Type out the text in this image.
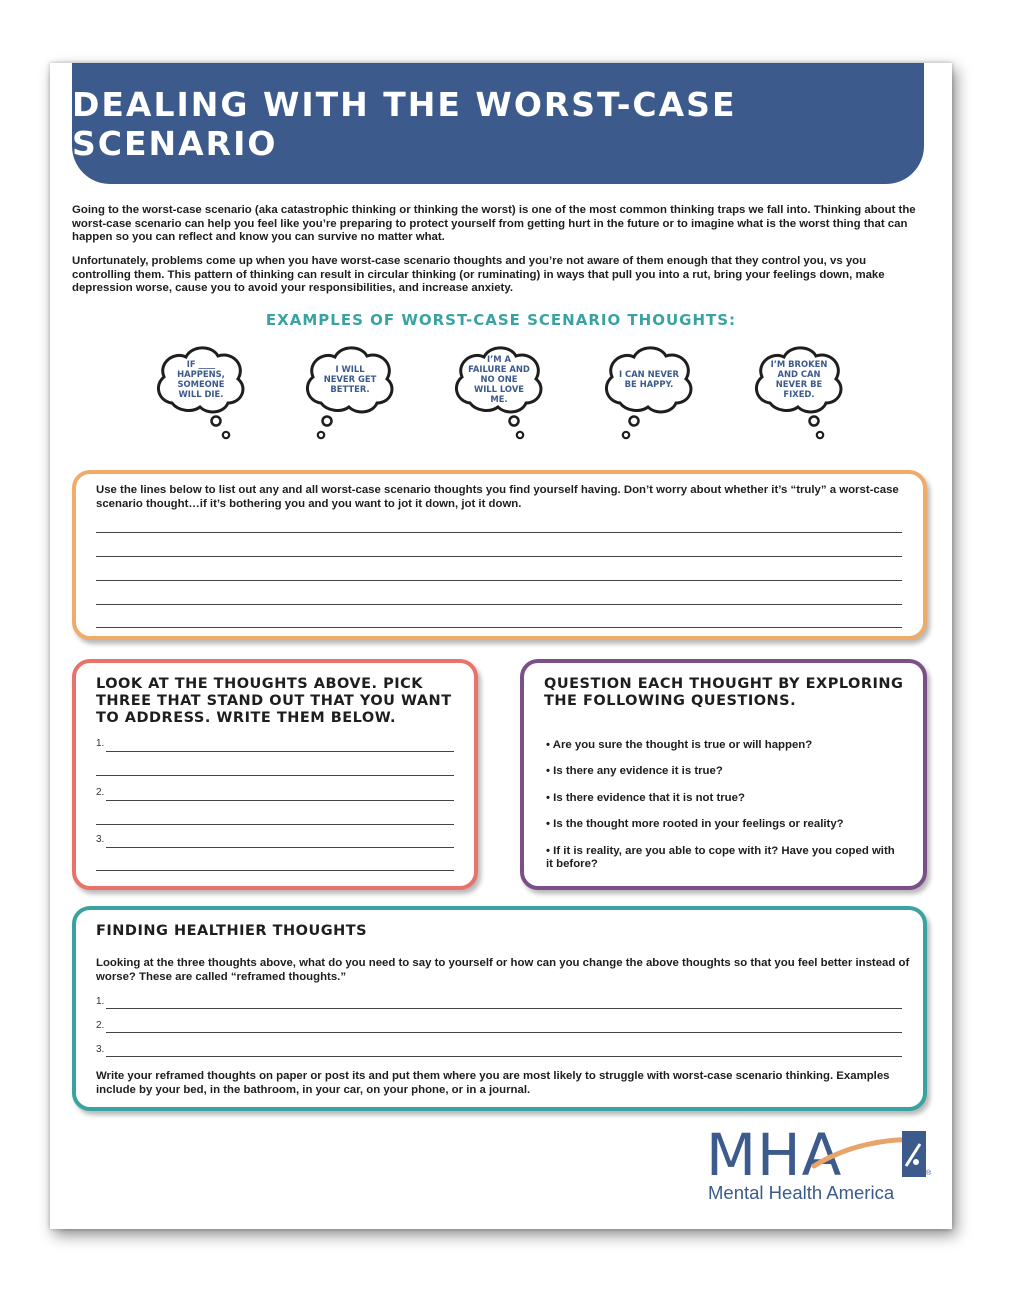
DEALING WITH THE WORST-CASE SCENARIO

Going to the worst-case scenario (aka catastrophic thinking or thinking the worst) is one of the most common thinking traps we fall into. Thinking about the worst-case scenario can help you feel like you’re preparing to protect yourself from getting hurt in the future or to imagine what is the worst thing that can happen so you can reflect and know you can survive no matter what.

Unfortunately, problems come up when you have worst-case scenario thoughts and you’re not aware of them enough that they control you, vs you controlling them. This pattern of thinking can result in circular thinking (or ruminating) in ways that pull you into a rut, bring your feelings down, make depression worse, cause you to avoid your responsibilities, and increase anxiety.

EXAMPLES OF WORST-CASE SCENARIO THOUGHTS:
IF ____ HAPPENS, SOMEONE WILL DIE.
I WILL NEVER GET BETTER.
I’M A FAILURE AND NO ONE WILL LOVE ME.
I CAN NEVER BE HAPPY.
I’M BROKEN AND CAN NEVER BE FIXED.
Use the lines below to list out any and all worst-case scenario thoughts you find yourself having. Don’t worry about whether it’s “truly” a worst-case scenario thought…if it’s bothering you and you want to jot it down, jot it down.
LOOK AT THE THOUGHTS ABOVE. PICK THREE THAT STAND OUT THAT YOU WANT TO ADDRESS. WRITE THEM BELOW.
1.
2.
3.
QUESTION EACH THOUGHT BY EXPLORING THE FOLLOWING QUESTIONS.
• Are you sure the thought is true or will happen?
• Is there any evidence it is true?
• Is there evidence that it is not true?
• Is the thought more rooted in your feelings or reality?
• If it is reality, are you able to cope with it? Have you coped with it before?
FINDING HEALTHIER THOUGHTS
Looking at the three thoughts above, what do you need to say to yourself or how can you change the above thoughts so that you feel better instead of worse? These are called “reframed thoughts.”
1.
2.
3.
Write your reframed thoughts on paper or post its and put them where you are most likely to struggle with worst-case scenario thinking. Examples include by your bed, in the bathroom, in your car, on your phone, or in a journal.
MHA	®
Mental Health America
